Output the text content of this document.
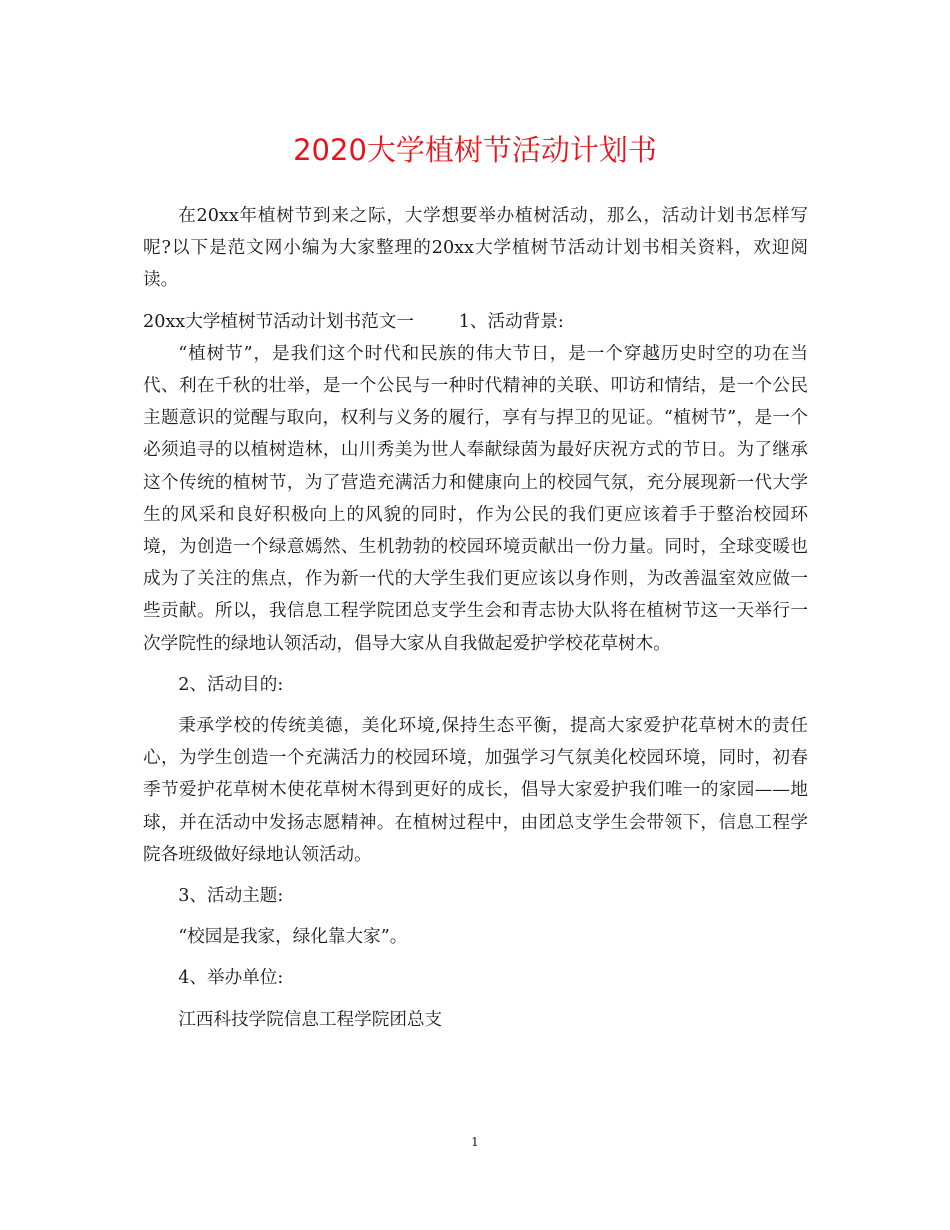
2020大学植树节活动计划书

在20xx年植树节到来之际，大学想要举办植树活动，那么，活动计划书怎样写呢?以下是范文网小编为大家整理的20xx大学植树节活动计划书相关资料，欢迎阅读。

20xx大学植树节活动计划书范文一        1、活动背景:

“植树节”，是我们这个时代和民族的伟大节日，是一个穿越历史时空的功在当代、利在千秋的壮举，是一个公民与一种时代精神的关联、叩访和情结，是一个公民主题意识的觉醒与取向，权利与义务的履行，享有与捍卫的见证。“植树节”，是一个必须追寻的以植树造林，山川秀美为世人奉献绿茵为最好庆祝方式的节日。为了继承这个传统的植树节，为了营造充满活力和健康向上的校园气氛，充分展现新一代大学生的风采和良好积极向上的风貌的同时，作为公民的我们更应该着手于整治校园环境，为创造一个绿意嫣然、生机勃勃的校园环境贡献出一份力量。同时，全球变暖也成为了关注的焦点，作为新一代的大学生我们更应该以身作则，为改善温室效应做一些贡献。所以，我信息工程学院团总支学生会和青志协大队将在植树节这一天举行一次学院性的绿地认领活动，倡导大家从自我做起爱护学校花草树木。

2、活动目的:

秉承学校的传统美德，美化环境,保持生态平衡，提高大家爱护花草树木的责任心，为学生创造一个充满活力的校园环境，加强学习气氛美化校园环境，同时，初春季节爱护花草树木使花草树木得到更好的成长，倡导大家爱护我们唯一的家园——地球，并在活动中发扬志愿精神。在植树过程中，由团总支学生会带领下，信息工程学院各班级做好绿地认领活动。

3、活动主题:

“校园是我家，绿化靠大家”。

4、举办单位:

江西科技学院信息工程学院团总支

1
